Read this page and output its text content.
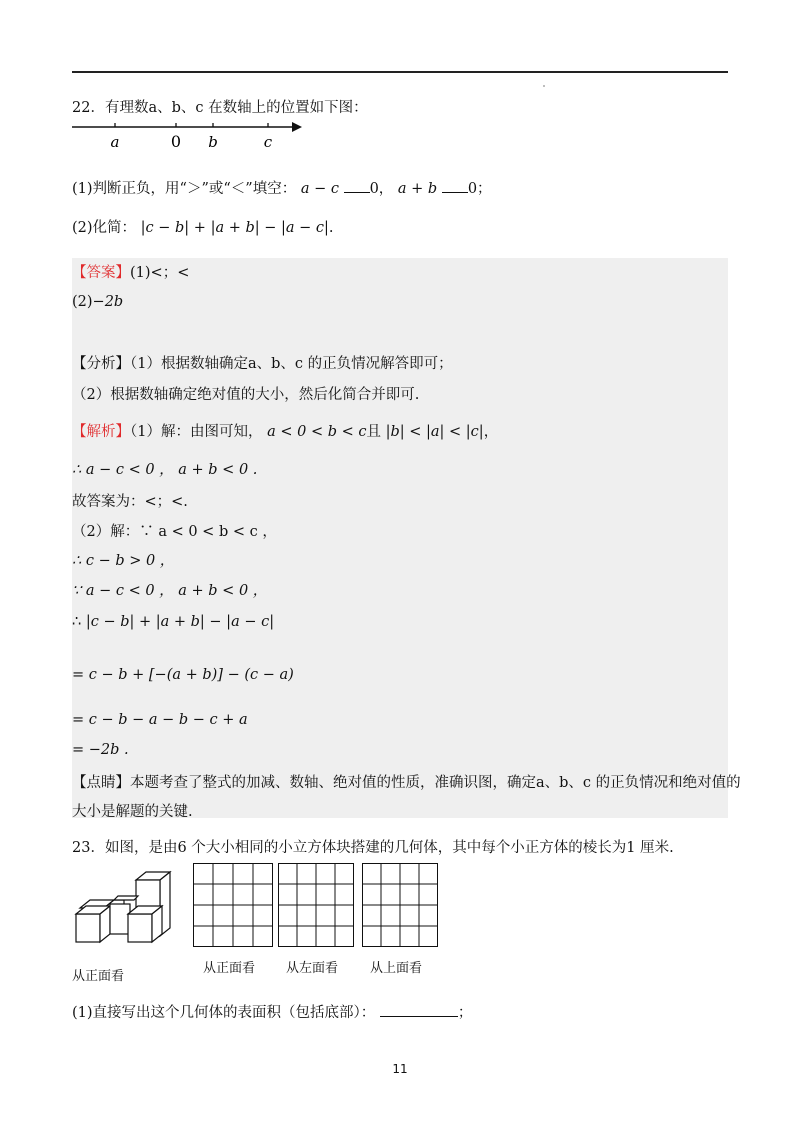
22．有理数a、b、c 在数轴上的位置如下图：
a	0 b	c
(1)判断正负，用“＞”或“＜”填空： a − c 0， a + b 0；
(2)化简： |c − b| + |a + b| − |a − c|.
【答案】(1)<；<
(2)−2b
【分析】（1）根据数轴确定a、b、c 的正负情况解答即可；
（2）根据数轴确定绝对值的大小，然后化简合并即可.
【解析】（1）解：由图可知， a < 0 < b < c且 |b| < |a| < |c|，
∴ a − c < 0 ， a + b < 0 .
故答案为：<；<.
（2）解：∵ a < 0 < b < c ，
∴ c − b > 0 ，
∵ a − c < 0 ， a + b < 0 ，
∴ |c − b| + |a + b| − |a − c|
= c − b + [−(a + b)] − (c − a)
= c − b − a − b − c + a
= −2b .
【点睛】本题考查了整式的加减、数轴、绝对值的性质，准确识图，确定a、b、c 的正负情况和绝对值的
大小是解题的关键.
23．如图，是由6 个大小相同的小立方体块搭建的几何体，其中每个小正方体的棱长为1 厘米.
从正面看
从正面看 从左面看 从上面看
(1)直接写出这个几何体的表面积（包括底部）：	；
11
